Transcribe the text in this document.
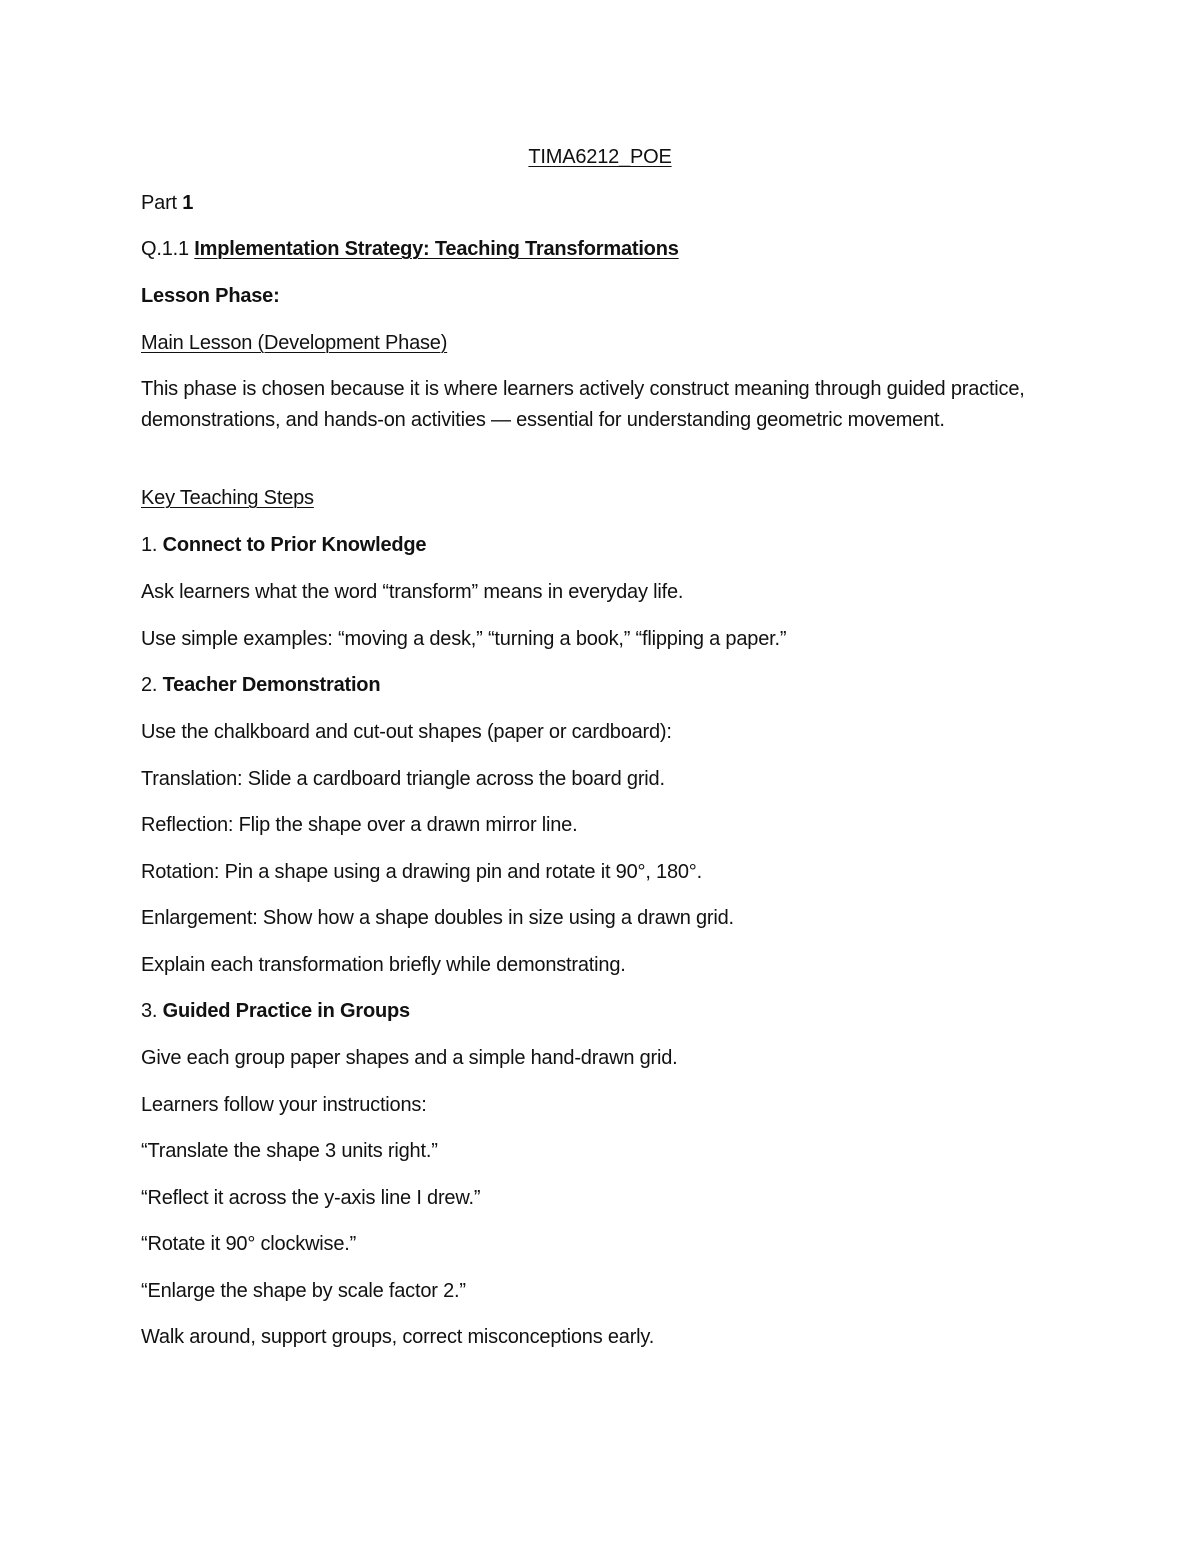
TIMA6212_POE
Part 1
Q.1.1 Implementation Strategy: Teaching Transformations
Lesson Phase:
Main Lesson (Development Phase)
This phase is chosen because it is where learners actively construct meaning through guided practice, demonstrations, and hands-on activities — essential for understanding geometric movement.
Key Teaching Steps
1. Connect to Prior Knowledge
Ask learners what the word “transform” means in everyday life.
Use simple examples: “moving a desk,” “turning a book,” “flipping a paper.”
2. Teacher Demonstration
Use the chalkboard and cut-out shapes (paper or cardboard):
Translation: Slide a cardboard triangle across the board grid.
Reflection: Flip the shape over a drawn mirror line.
Rotation: Pin a shape using a drawing pin and rotate it 90°, 180°.
Enlargement: Show how a shape doubles in size using a drawn grid.
Explain each transformation briefly while demonstrating.
3. Guided Practice in Groups
Give each group paper shapes and a simple hand-drawn grid.
Learners follow your instructions:
“Translate the shape 3 units right.”
“Reflect it across the y-axis line I drew.”
“Rotate it 90° clockwise.”
“Enlarge the shape by scale factor 2.”
Walk around, support groups, correct misconceptions early.
